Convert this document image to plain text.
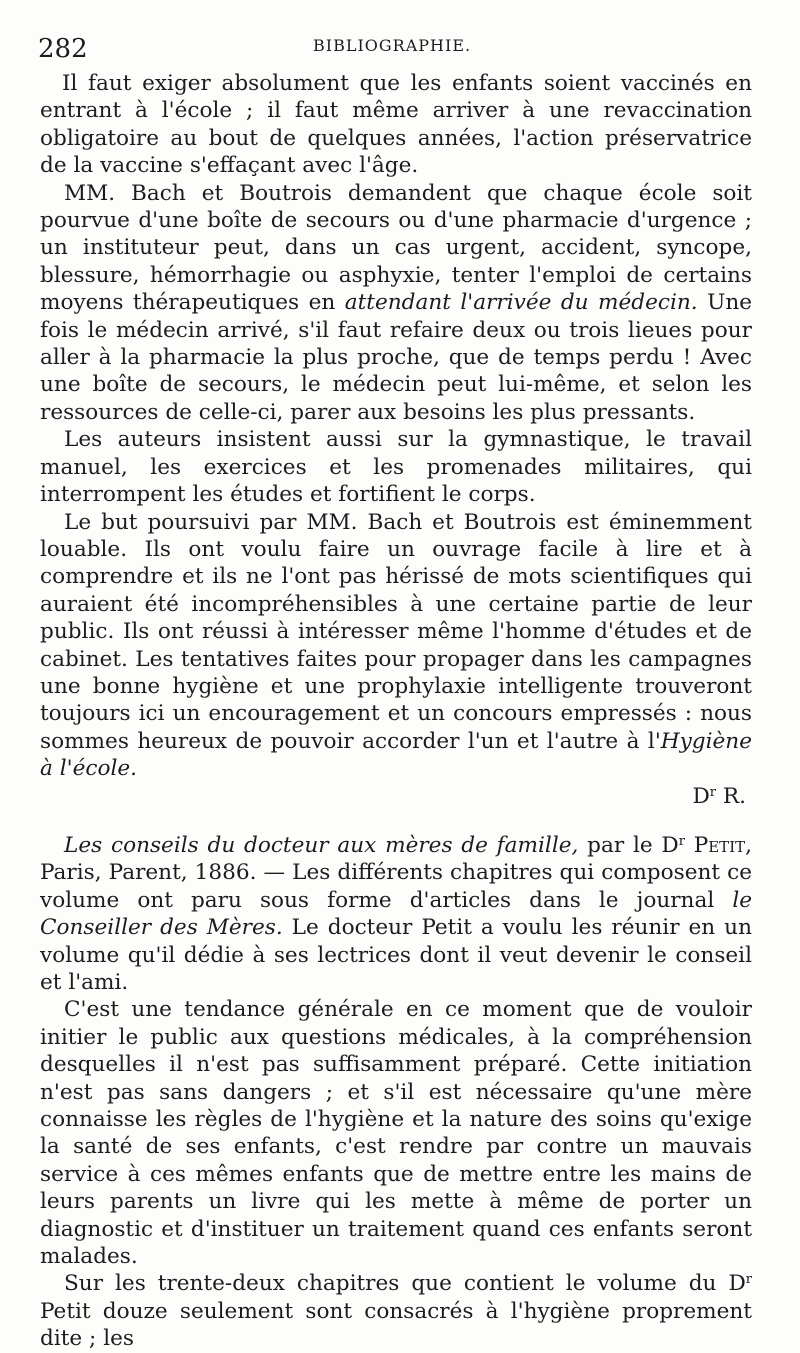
282	BIBLIOGRAPHIE.

Il faut exiger absolument que les enfants soient vaccinés en entrant à l'école ; il faut même arriver à une revaccination obligatoire au bout de quelques années, l'action préservatrice de la vaccine s'effaçant avec l'âge.

MM. Bach et Boutrois demandent que chaque école soit pourvue d'une boîte de secours ou d'une pharmacie d'urgence ; un instituteur peut, dans un cas urgent, accident, syncope, blessure, hémorrhagie ou asphyxie, tenter l'emploi de certains moyens thérapeutiques en attendant l'arrivée du médecin. Une fois le médecin arrivé, s'il faut refaire deux ou trois lieues pour aller à la pharmacie la plus proche, que de temps perdu ! Avec une boîte de secours, le médecin peut lui-même, et selon les ressources de celle-ci, parer aux besoins les plus pressants.

Les auteurs insistent aussi sur la gymnastique, le travail manuel, les exercices et les promenades militaires, qui interrompent les études et fortifient le corps.

Le but poursuivi par MM. Bach et Boutrois est éminemment louable. Ils ont voulu faire un ouvrage facile à lire et à comprendre et ils ne l'ont pas hérissé de mots scientifiques qui auraient été incompréhensibles à une certaine partie de leur public. Ils ont réussi à intéresser même l'homme d'études et de cabinet. Les tentatives faites pour propager dans les campagnes une bonne hygiène et une prophylaxie intelligente trouveront toujours ici un encouragement et un concours empressés : nous sommes heureux de pouvoir accorder l'un et l'autre à l'Hygiène à l'école.

$D^r$ R.

Les conseils du docteur aux mères de famille, par le $D^r$ Petit, Paris, Parent, 1886. — Les différents chapitres qui composent ce volume ont paru sous forme d'articles dans le journal le Conseiller des Mères. Le docteur Petit a voulu les réunir en un volume qu'il dédie à ses lectrices dont il veut devenir le conseil et l'ami.

C'est une tendance générale en ce moment que de vouloir initier le public aux questions médicales, à la compréhension desquelles il n'est pas suffisamment préparé. Cette initiation n'est pas sans dangers ; et s'il est nécessaire qu'une mère connaisse les règles de l'hygiène et la nature des soins qu'exige la santé de ses enfants, c'est rendre par contre un mauvais service à ces mêmes enfants que de mettre entre les mains de leurs parents un livre qui les mette à même de porter un diagnostic et d'instituer un traitement quand ces enfants seront malades.

Sur les trente-deux chapitres que contient le volume du $D^r$ Petit douze seulement sont consacrés à l'hygiène proprement dite ; les
